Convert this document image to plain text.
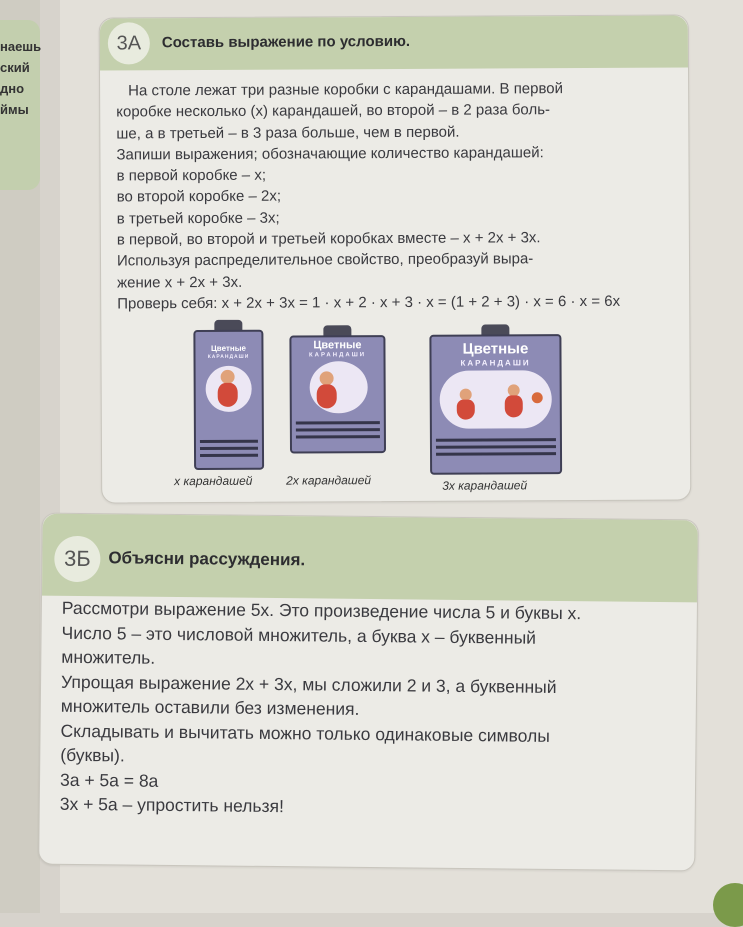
наешь
ский
дно
ймы
3А	Составь выражение по условию.
На столе лежат три разные коробки с карандашами. В первой
коробке несколько (x) карандашей, во второй – в 2 раза боль-
ше, а в третьей – в 3 раза больше, чем в первой.
Запиши выражения; обозначающие количество карандашей:
в первой коробке – x;
во второй коробке – 2x;
в третьей коробке – 3x;
в первой, во второй и третьей коробках вместе – x + 2x + 3x.
Используя распределительное свойство, преобразуй выра-
жение x + 2x + 3x.
Проверь себя: x + 2x + 3x = 1 · x + 2 · x + 3 · x = (1 + 2 + 3) · x = 6 · x = 6x
Цветные
КАРАНДАШИ
x карандашей
Цветные
КАРАНДАШИ
2x карандашей
Цветные
КАРАНДАШИ
3x карандашей
3Б	Объясни рассуждения.
Рассмотри выражение 5x. Это произведение числа 5 и буквы x.
Число 5 – это числовой множитель, а буква x – буквенный
множитель.
Упрощая выражение 2x + 3x, мы сложили 2 и 3, а буквенный
множитель оставили без изменения.
Складывать и вычитать можно только одинаковые символы
(буквы).
3a + 5a = 8a
3x + 5a – упростить нельзя!
